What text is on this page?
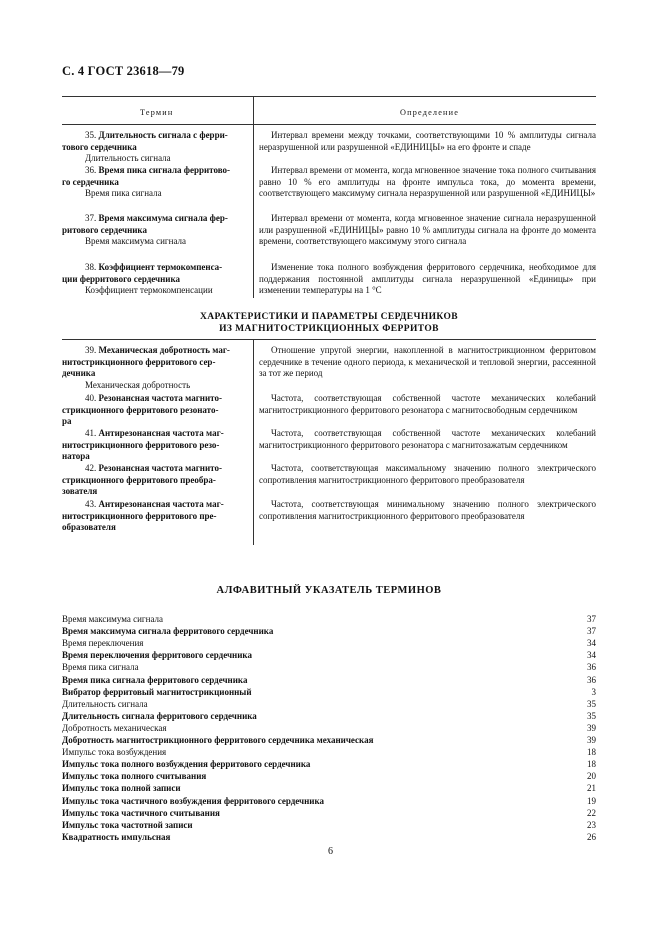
С. 4 ГОСТ 23618—79
Термин	Определение
35. Длительность сигнала с ферри-
тового сердечника
Длительность сигнала
Интервал времени между точками, соответствующими 10 % амплитуды сигнала неразрушенной или разрушенной «ЕДИНИЦЫ» на его фронте и спаде
36. Время пика сигнала ферритово-
го сердечника
Время пика сигнала
Интервал времени от момента, когда мгновенное значение тока полного считывания равно 10 % его амплитуды на фронте импульса тока, до момента времени, соответствующего максимуму сигнала неразрушенной или разрушенной «ЕДИНИЦЫ»
37. Время максимума сигнала фер-
ритового сердечника
Время максимума сигнала
Интервал времени от момента, когда мгновенное значение сигнала неразрушенной или разрушенной «ЕДИНИЦЫ» равно 10 % амплитуды сигнала на фронте до момента времени, соответствующего максимуму этого сигнала
38. Коэффициент термокомпенса-
ции ферритового сердечника
Коэффициент термокомпенсации
Изменение тока полного возбуждения ферритового сердечника, необходимое для поддержания постоянной амплитуды сигнала неразрушенной «Единицы» при изменении температуры на 1 °С
ХАРАКТЕРИСТИКИ И ПАРАМЕТРЫ СЕРДЕЧНИКОВ
ИЗ МАГНИТОСТРИКЦИОННЫХ ФЕРРИТОВ
39. Механическая добротность маг-
нитострикционного ферритового сер-
дечника
Механическая добротность
Отношение упругой энергии, накопленной в магнитострикционном ферритовом сердечнике в течение одного периода, к механической и тепловой энергии, рассеянной за тот же период
40. Резонансная частота магнито-
стрикционного ферритового резонато-
ра
Частота, соответствующая собственной частоте механических колебаний магнитострикционного ферритового резонатора с магнитосвободным сердечником
41. Антирезонансная частота маг-
нитострикционного ферритового резо-
натора
Частота, соответствующая собственной частоте механических колебаний магнитострикционного ферритового резонатора с магнитозажатым сердечником
42. Резонансная частота магнито-
стрикционного ферритового преобра-
зователя
Частота, соответствующая максимальному значению полного электрического сопротивления магнитострикционного ферритового преобразователя
43. Антирезонансная частота маг-
нитострикционного ферритового пре-
образователя
Частота, соответствующая минимальному значению полного электрического сопротивления магнитострикционного ферритового преобразователя
АЛФАВИТНЫЙ УКАЗАТЕЛЬ ТЕРМИНОВ
Время максимума сигнала	37
Время максимума сигнала ферритового сердечника	37
Время переключения	34
Время переключения ферритового сердечника	34
Время пика сигнала	36
Время пика сигнала ферритового сердечника	36
Вибратор ферритовый магнитострикционный	3
Длительность сигнала	35
Длительность сигнала ферритового сердечника	35
Добротность механическая	39
Добротность магнитострикционного ферритового сердечника механическая	39
Импульс тока возбуждения	18
Импульс тока полного возбуждения ферритового сердечника	18
Импульс тока полного считывания	20
Импульс тока полной записи	21
Импульс тока частичного возбуждения ферритового сердечника	19
Импульс тока частичного считывания	22
Импульс тока частотной записи	23
Квадратность импульсная	26
6
